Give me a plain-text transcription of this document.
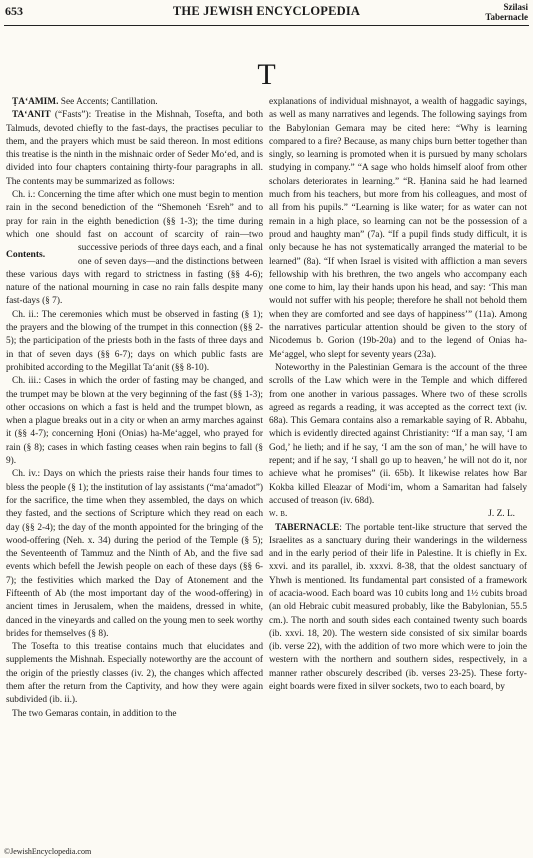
653	THE JEWISH ENCYCLOPEDIA	Szilasi
Tabernacle
T

ṬA‘AMIM. See Accents; Cantillation.

TA‘ANIT (“Fasts”): Treatise in the Mishnah, Tosefta, and both Talmuds, devoted chiefly to the fast-days, the practises peculiar to them, and the prayers which must be said thereon. In most editions this treatise is the ninth in the mishnaic order of Seder Mo‘ed, and is divided into four chapters containing thirty-four paragraphs in all. The contents may be summarized as follows:

Ch. i.: Concerning the time after which one must begin to mention rain in the second benediction of the “Shemoneh ‘Esreh” and to pray for rain in the eighth benediction (§§ 1-3); the time during which one should fast on account of scarcity of rain—two successive periods of three days each, and a final
Contents.
one of seven days—and the distinctions between these various days with regard to strictness in fasting (§§ 4-6); nature of the national mourning in case no rain falls despite many fast-days (§ 7).

Ch. ii.: The ceremonies which must be observed in fasting (§ 1); the prayers and the blowing of the trumpet in this connection (§§ 2-5); the participation of the priests both in the fasts of three days and in that of seven days (§§ 6-7); days on which public fasts are prohibited according to the Megillat Ta‘anit (§§ 8-10).

Ch. iii.: Cases in which the order of fasting may be changed, and the trumpet may be blown at the very beginning of the fast (§§ 1-3); other occasions on which a fast is held and the trumpet blown, as when a plague breaks out in a city or when an army marches against it (§§ 4-7); concerning Ḥoni (Onias) ha-Me‘aggel, who prayed for rain (§ 8); cases in which fasting ceases when rain begins to fall (§ 9).

Ch. iv.: Days on which the priests raise their hands four times to bless the people (§ 1); the institution of lay assistants (“ma‘amadot”) for the sacrifice, the time when they assembled, the days on which they fasted, and the sections of Scripture which they read on each day (§§ 2-4); the day of the month appointed for the bringing of the wood-offering (Neh. x. 34) during the period of the Temple (§ 5); the Seventeenth of Tammuz and the Ninth of Ab, and the five sad events which befell the Jewish people on each of these days (§§ 6-7); the festivities which marked the Day of Atonement and the Fifteenth of Ab (the most important day of the wood-offering) in ancient times in Jerusalem, when the maidens, dressed in white, danced in the vineyards and called on the young men to seek worthy brides for themselves (§ 8).

The Tosefta to this treatise contains much that elucidates and supplements the Mishnah. Especially noteworthy are the account of the origin of the priestly classes (iv. 2), the changes which affected them after the return from the Captivity, and how they were again subdivided (ib. ii.).

The two Gemaras contain, in addition to the

explanations of individual mishnayot, a wealth of haggadic sayings, as well as many narratives and legends. The following sayings from the Babylonian Gemara may be cited here: “Why is learning compared to a fire? Because, as many chips burn better together than singly, so learning is promoted when it is pursued by many scholars studying in company.” “A sage who holds himself aloof from other scholars deteriorates in learning.” “R. Ḥanina said he had learned much from his teachers, but more from his colleagues, and most of all from his pupils.” “Learning is like water; for as water can not remain in a high place, so learning can not be the possession of a proud and haughty man” (7a). “If a pupil finds study difficult, it is only because he has not systematically arranged the material to be learned” (8a). “If when Israel is visited with affliction a man severs fellowship with his brethren, the two angels who accompany each one come to him, lay their hands upon his head, and say: ‘This man would not suffer with his people; therefore he shall not behold them when they are comforted and see days of happiness’” (11a). Among the narratives particular attention should be given to the story of Nicodemus b. Gorion (19b-20a) and to the legend of Onias ha-Me‘aggel, who slept for seventy years (23a).

Noteworthy in the Palestinian Gemara is the account of the three scrolls of the Law which were in the Temple and which differed from one another in various passages. Where two of these scrolls agreed as regards a reading, it was accepted as the correct text (iv. 68a). This Gemara contains also a remarkable saying of R. Abbahu, which is evidently directed against Christianity: “If a man say, ‘I am God,’ he lieth; and if he say, ‘I am the son of man,’ he will have to repent; and if he say, ‘I shall go up to heaven,’ he will not do it, nor achieve what he promises” (ii. 65b). It likewise relates how Bar Kokba killed Eleazar of Modi‘im, whom a Samaritan had falsely accused of treason (iv. 68d).

w. b.	J. Z. L.

TABERNACLE: The portable tent-like structure that served the Israelites as a sanctuary during their wanderings in the wilderness and in the early period of their life in Palestine. It is chiefly in Ex. xxvi. and its parallel, ib. xxxvi. 8-38, that the oldest sanctuary of Yhwh is mentioned. Its fundamental part consisted of a framework of acacia-wood. Each board was 10 cubits long and 1½ cubits broad (an old Hebraic cubit measured probably, like the Babylonian, 55.5 cm.). The north and south sides each contained twenty such boards (ib. xxvi. 18, 20). The western side consisted of six similar boards (ib. verse 22), with the addition of two more which were to join the western with the northern and southern sides, respectively, in a manner rather obscurely described (ib. verses 23-25). These forty-eight boards were fixed in silver sockets, two to each board, by

©JewishEncyclopedia.com
